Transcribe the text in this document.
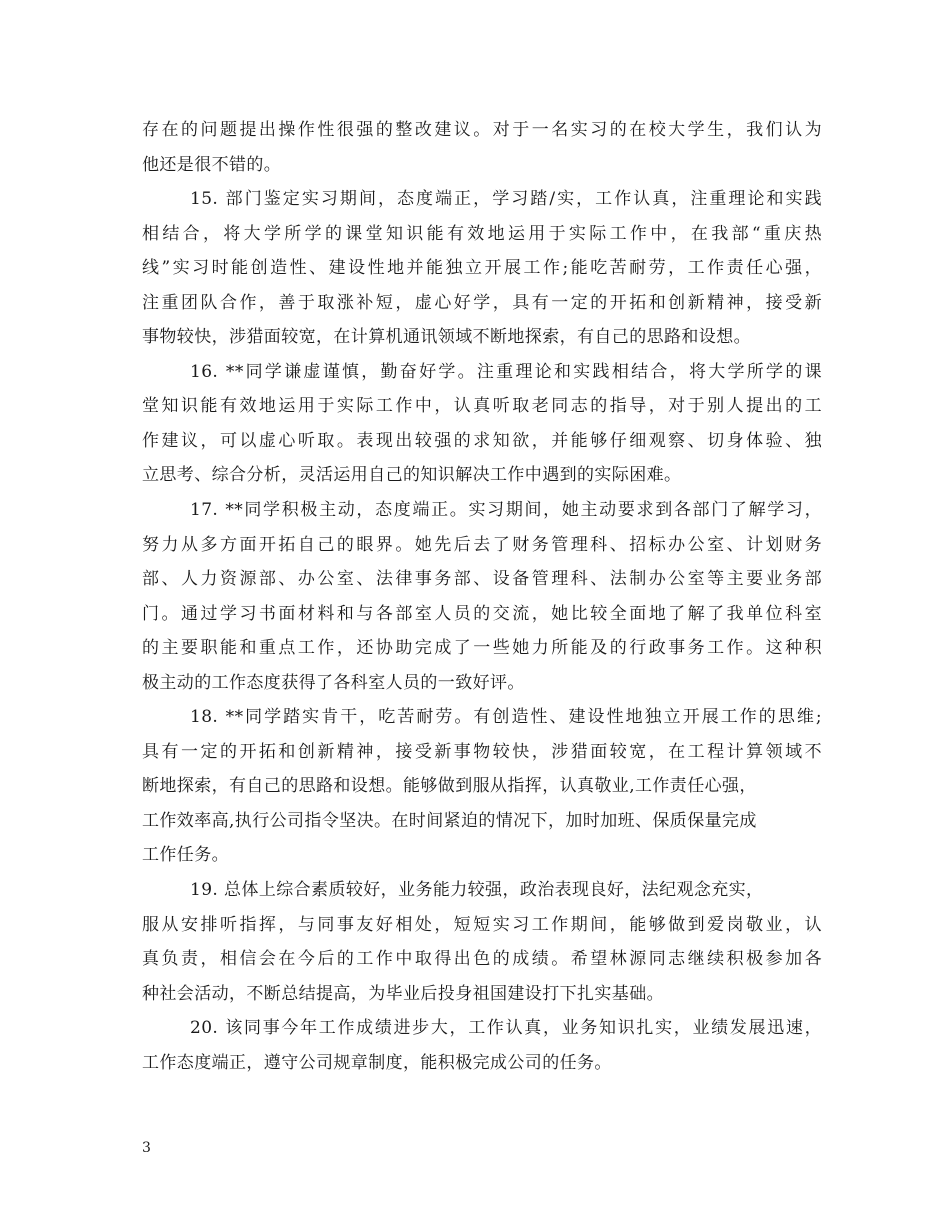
存在的问题提出操作性很强的整改建议。对于一名实习的在校大学生，我们认为
他还是很不错的。
15. 部门鉴定实习期间，态度端正，学习踏/实，工作认真，注重理论和实践
相结合，将大学所学的课堂知识能有效地运用于实际工作中，在我部“重庆热
线”实习时能创造性、建设性地并能独立开展工作;能吃苦耐劳，工作责任心强，
注重团队合作，善于取涨补短，虚心好学，具有一定的开拓和创新精神，接受新
事物较快，涉猎面较宽，在计算机通讯领域不断地探索，有自己的思路和设想。
16. **同学谦虚谨慎，勤奋好学。注重理论和实践相结合，将大学所学的课
堂知识能有效地运用于实际工作中，认真听取老同志的指导，对于别人提出的工
作建议，可以虚心听取。表现出较强的求知欲，并能够仔细观察、切身体验、独
立思考、综合分析，灵活运用自己的知识解决工作中遇到的实际困难。
17. **同学积极主动，态度端正。实习期间，她主动要求到各部门了解学习，
努力从多方面开拓自己的眼界。她先后去了财务管理科、招标办公室、计划财务
部、人力资源部、办公室、法律事务部、设备管理科、法制办公室等主要业务部
门。通过学习书面材料和与各部室人员的交流，她比较全面地了解了我单位科室
的主要职能和重点工作，还协助完成了一些她力所能及的行政事务工作。这种积
极主动的工作态度获得了各科室人员的一致好评。
18. **同学踏实肯干，吃苦耐劳。有创造性、建设性地独立开展工作的思维;
具有一定的开拓和创新精神，接受新事物较快，涉猎面较宽，在工程计算领域不
断地探索，有自己的思路和设想。能够做到服从指挥，认真敬业,工作责任心强，
工作效率高,执行公司指令坚决。在时间紧迫的情况下，加时加班、保质保量完成
工作任务。
19. 总体上综合素质较好，业务能力较强，政治表现良好，法纪观念充实，
服从安排听指挥，与同事友好相处，短短实习工作期间，能够做到爱岗敬业，认
真负责，相信会在今后的工作中取得出色的成绩。希望林源同志继续积极参加各
种社会活动，不断总结提高，为毕业后投身祖国建设打下扎实基础。
20. 该同事今年工作成绩进步大，工作认真，业务知识扎实，业绩发展迅速，
工作态度端正，遵守公司规章制度，能积极完成公司的任务。
3
